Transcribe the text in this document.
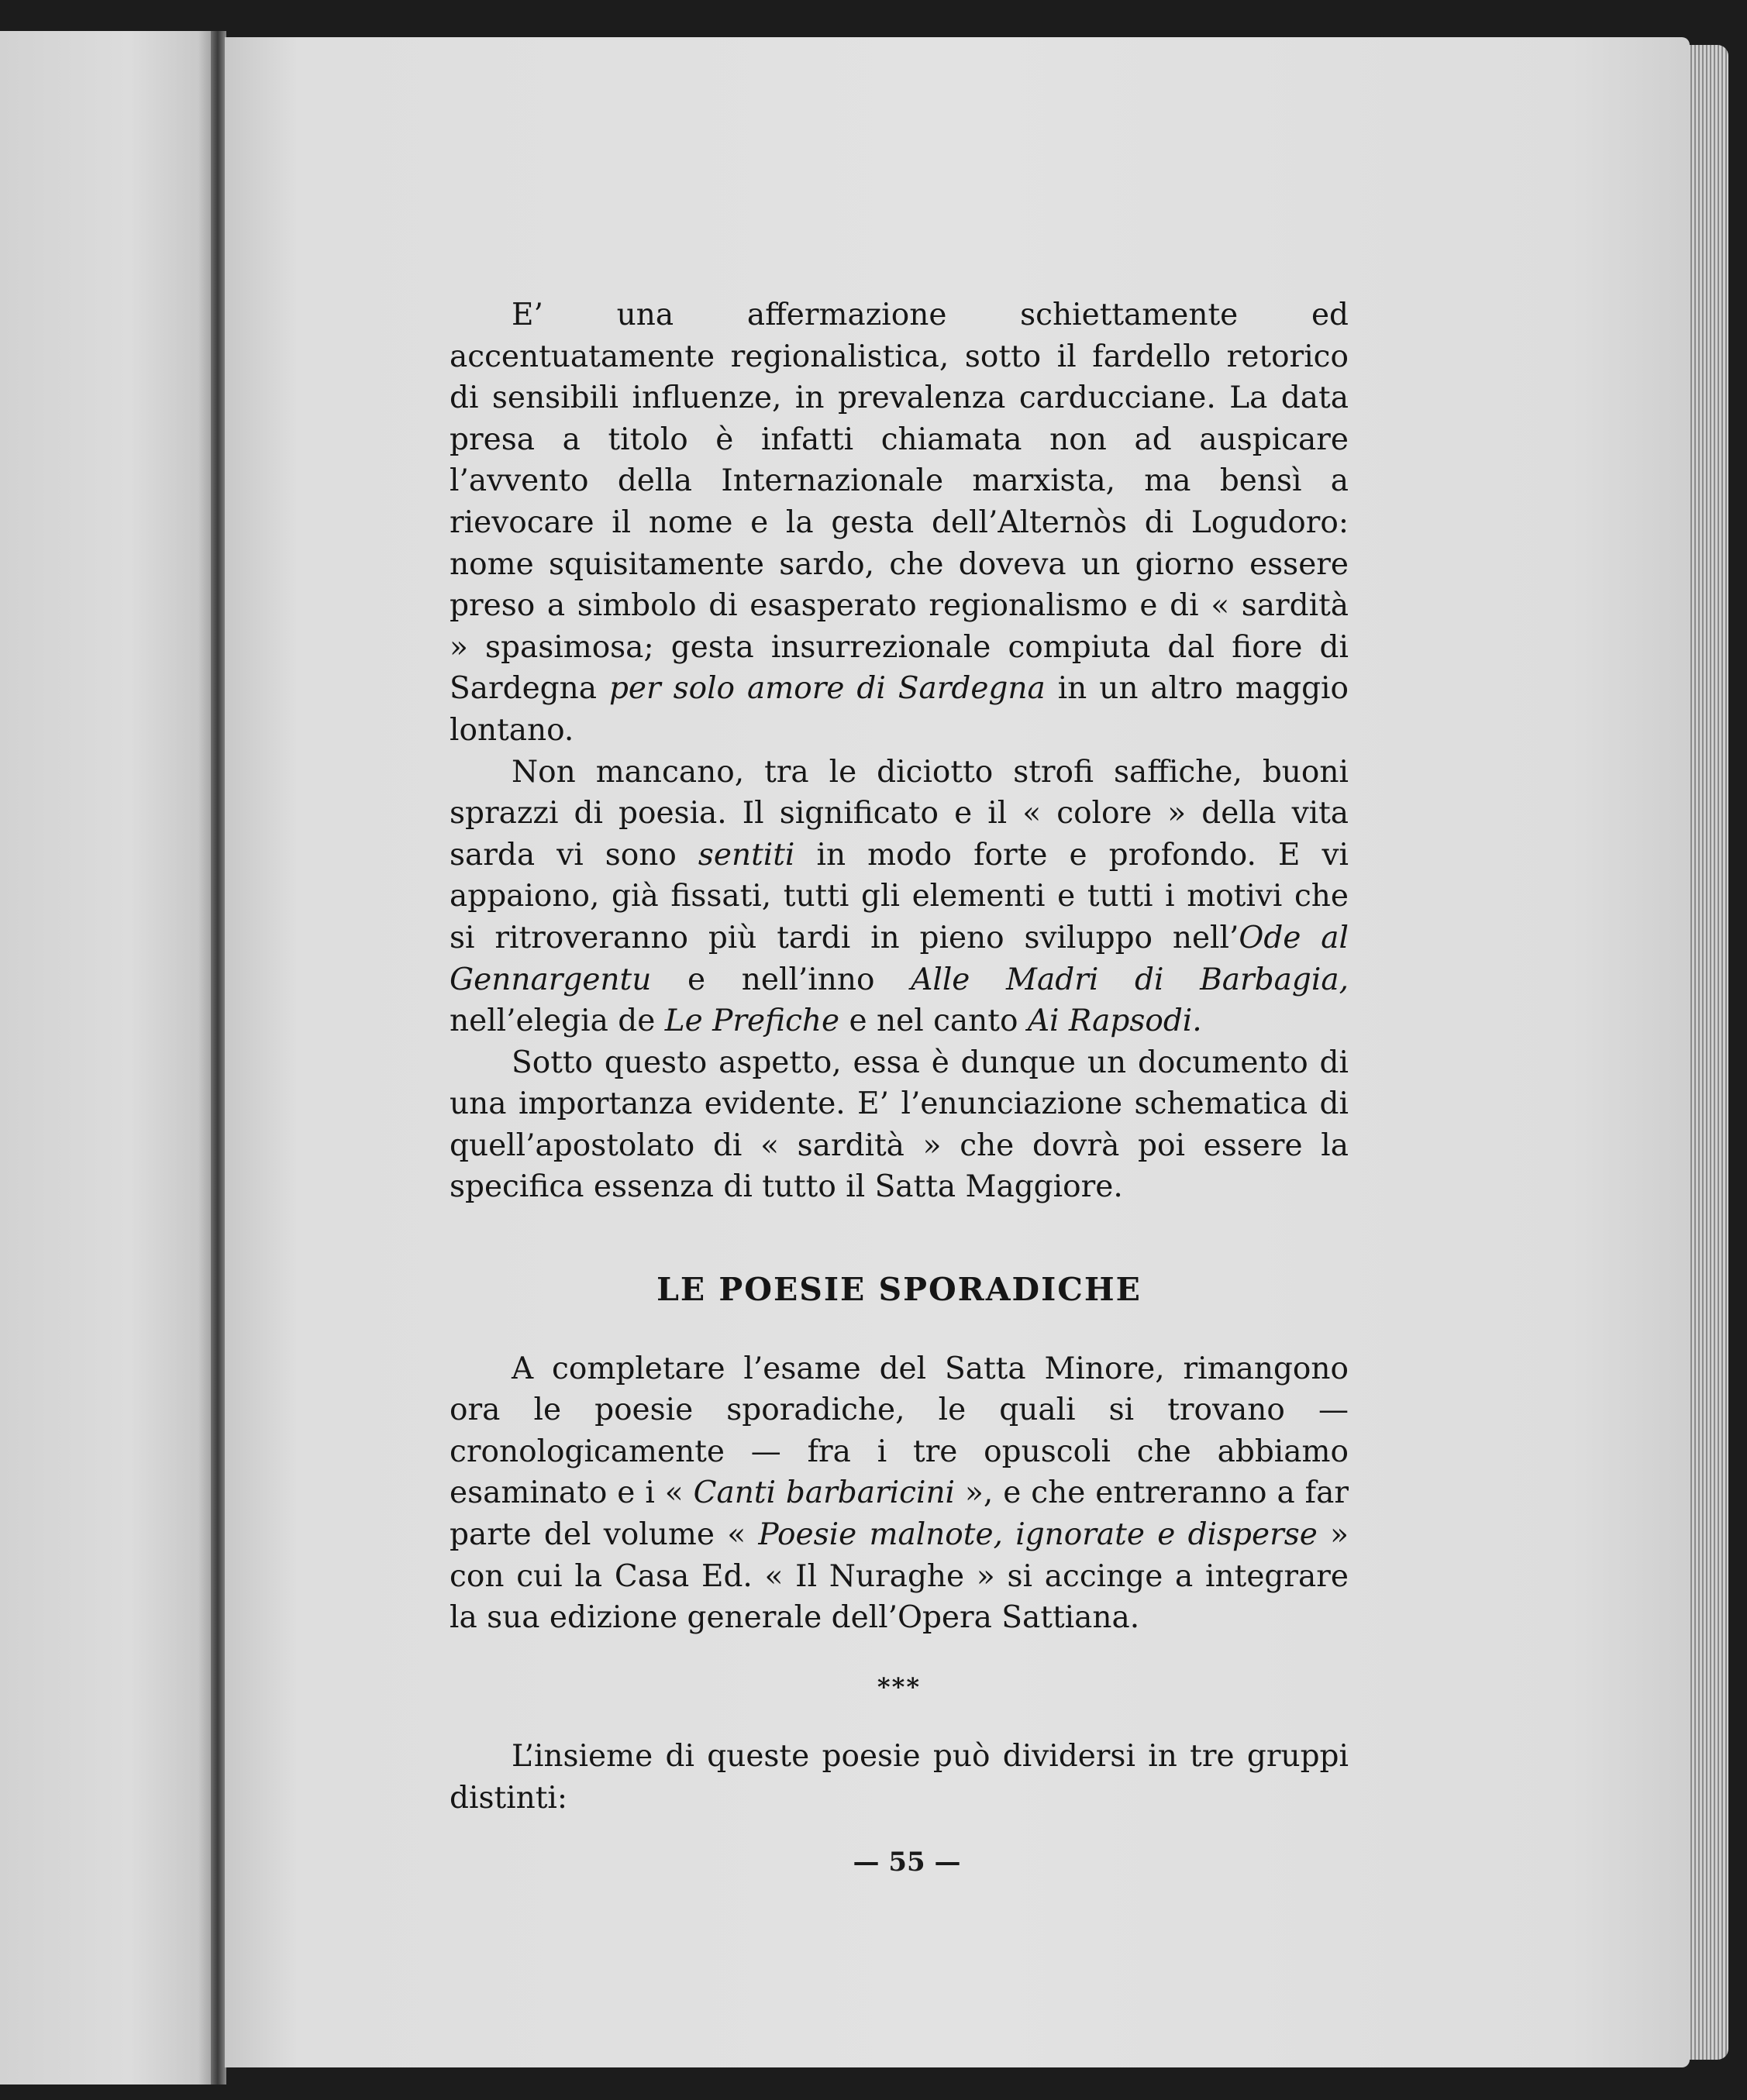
E’ una affermazione schiettamente ed accentuatamente regionalistica, sotto il fardello retorico di sensibili influenze, in prevalenza carducciane. La data presa a titolo è infatti chiamata non ad auspicare l’avvento della Internazionale marxista, ma bensì a rievocare il nome e la gesta dell’Alternòs di Logudoro: nome squisitamente sardo, che doveva un giorno essere preso a simbolo di esasperato regionalismo e di « sardità » spasimosa; gesta insurrezionale compiuta dal fiore di Sardegna per solo amore di Sardegna in un altro maggio lontano.

Non mancano, tra le diciotto strofi saffiche, buoni sprazzi di poesia. Il significato e il « colore » della vita sarda vi sono sentiti in modo forte e profondo. E vi appaiono, già fissati, tutti gli elementi e tutti i motivi che si ritroveranno più tardi in pieno sviluppo nell’Ode al Gennargentu e nell’inno Alle Madri di Barbagia, nell’elegia de Le Prefiche e nel canto Ai Rapsodi.

Sotto questo aspetto, essa è dunque un documento di una importanza evidente. E’ l’enunciazione schematica di quell’apostolato di « sardità » che dovrà poi essere la specifica essenza di tutto il Satta Maggiore.

LE POESIE SPORADICHE

A completare l’esame del Satta Minore, rimangono ora le poesie sporadiche, le quali si trovano — cronologicamente — fra i tre opuscoli che abbiamo esaminato e i « Canti barbaricini », e che entreranno a far parte del volume « Poesie malnote, ignorate e disperse » con cui la Casa Ed. « Il Nuraghe » si accinge a integrare la sua edizione generale dell’Opera Sattiana.

***

L’insieme di queste poesie può dividersi in tre gruppi distinti:

— 55 —
